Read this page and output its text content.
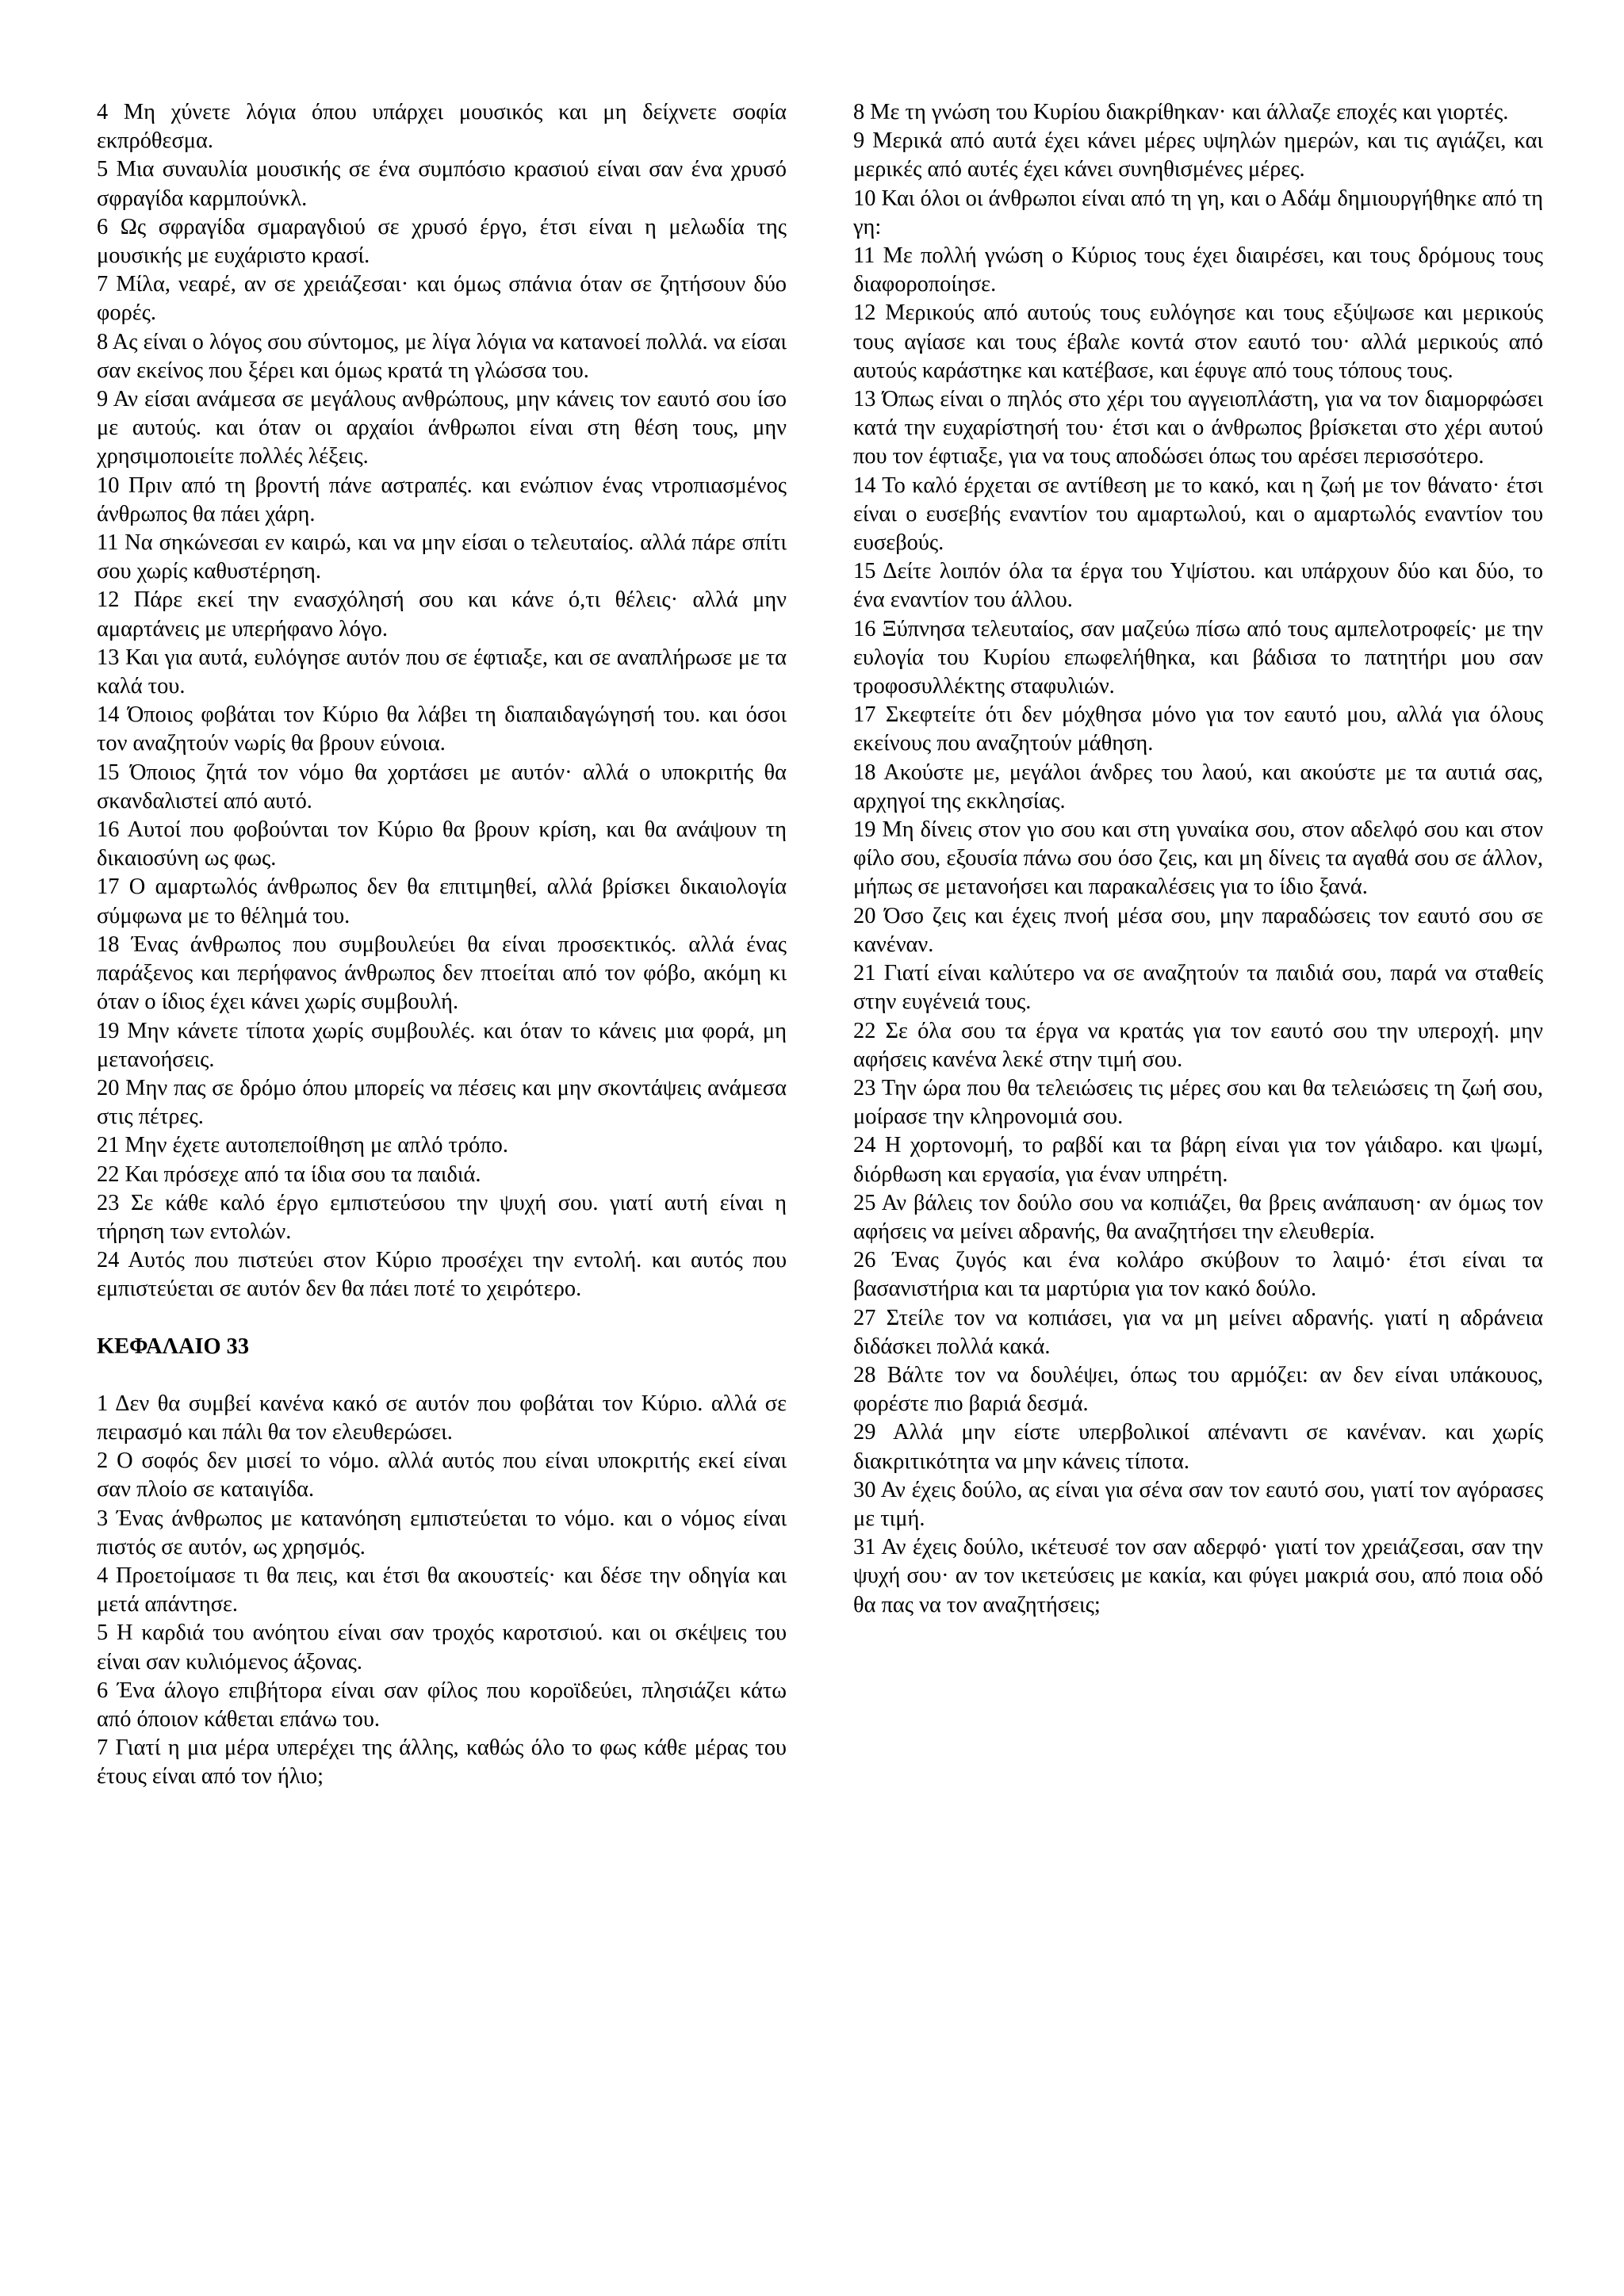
4 Μη χύνετε λόγια όπου υπάρχει μουσικός και μη δείχνετε σοφία εκπρόθεσμα.

5 Μια συναυλία μουσικής σε ένα συμπόσιο κρασιού είναι σαν ένα χρυσό σφραγίδα καρμπούνκλ.

6 Ως σφραγίδα σμαραγδιού σε χρυσό έργο, έτσι είναι η μελωδία της μουσικής με ευχάριστο κρασί.

7 Μίλα, νεαρέ, αν σε χρειάζεσαι· και όμως σπάνια όταν σε ζητήσουν δύο φορές.

8 Ας είναι ο λόγος σου σύντομος, με λίγα λόγια να κατανοεί πολλά. να είσαι σαν εκείνος που ξέρει και όμως κρατά τη γλώσσα του.

9 Αν είσαι ανάμεσα σε μεγάλους ανθρώπους, μην κάνεις τον εαυτό σου ίσο με αυτούς. και όταν οι αρχαίοι άνθρωποι είναι στη θέση τους, μην χρησιμοποιείτε πολλές λέξεις.

10 Πριν από τη βροντή πάνε αστραπές. και ενώπιον ένας ντροπιασμένος άνθρωπος θα πάει χάρη.

11 Να σηκώνεσαι εν καιρώ, και να μην είσαι ο τελευταίος. αλλά πάρε σπίτι σου χωρίς καθυστέρηση.

12 Πάρε εκεί την ενασχόλησή σου και κάνε ό,τι θέλεις· αλλά μην αμαρτάνεις με υπερήφανο λόγο.

13 Και για αυτά, ευλόγησε αυτόν που σε έφτιαξε, και σε αναπλήρωσε με τα καλά του.

14 Όποιος φοβάται τον Κύριο θα λάβει τη διαπαιδαγώγησή του. και όσοι τον αναζητούν νωρίς θα βρουν εύνοια.

15 Όποιος ζητά τον νόμο θα χορτάσει με αυτόν· αλλά ο υποκριτής θα σκανδαλιστεί από αυτό.

16 Αυτοί που φοβούνται τον Κύριο θα βρουν κρίση, και θα ανάψουν τη δικαιοσύνη ως φως.

17 Ο αμαρτωλός άνθρωπος δεν θα επιτιμηθεί, αλλά βρίσκει δικαιολογία σύμφωνα με το θέλημά του.

18 Ένας άνθρωπος που συμβουλεύει θα είναι προσεκτικός. αλλά ένας παράξενος και περήφανος άνθρωπος δεν πτοείται από τον φόβο, ακόμη κι όταν ο ίδιος έχει κάνει χωρίς συμβουλή.

19 Μην κάνετε τίποτα χωρίς συμβουλές. και όταν το κάνεις μια φορά, μη μετανοήσεις.

20 Μην πας σε δρόμο όπου μπορείς να πέσεις και μην σκοντάψεις ανάμεσα στις πέτρες.

21 Μην έχετε αυτοπεποίθηση με απλό τρόπο.

22 Και πρόσεχε από τα ίδια σου τα παιδιά.

23 Σε κάθε καλό έργο εμπιστεύσου την ψυχή σου. γιατί αυτή είναι η τήρηση των εντολών.

24 Αυτός που πιστεύει στον Κύριο προσέχει την εντολή. και αυτός που εμπιστεύεται σε αυτόν δεν θα πάει ποτέ το χειρότερο.

ΚΕΦΑΛΑΙΟ 33

1 Δεν θα συμβεί κανένα κακό σε αυτόν που φοβάται τον Κύριο. αλλά σε πειρασμό και πάλι θα τον ελευθερώσει.

2 Ο σοφός δεν μισεί το νόμο. αλλά αυτός που είναι υποκριτής εκεί είναι σαν πλοίο σε καταιγίδα.

3 Ένας άνθρωπος με κατανόηση εμπιστεύεται το νόμο. και ο νόμος είναι πιστός σε αυτόν, ως χρησμός.

4 Προετοίμασε τι θα πεις, και έτσι θα ακουστείς· και δέσε την οδηγία και μετά απάντησε.

5 Η καρδιά του ανόητου είναι σαν τροχός καροτσιού. και οι σκέψεις του είναι σαν κυλιόμενος άξονας.

6 Ένα άλογο επιβήτορα είναι σαν φίλος που κοροϊδεύει, πλησιάζει κάτω από όποιον κάθεται επάνω του.

7 Γιατί η μια μέρα υπερέχει της άλλης, καθώς όλο το φως κάθε μέρας του έτους είναι από τον ήλιο;

8 Με τη γνώση του Κυρίου διακρίθηκαν· και άλλαζε εποχές και γιορτές.

9 Μερικά από αυτά έχει κάνει μέρες υψηλών ημερών, και τις αγιάζει, και μερικές από αυτές έχει κάνει συνηθισμένες μέρες.

10 Και όλοι οι άνθρωποι είναι από τη γη, και ο Αδάμ δημιουργήθηκε από τη γη:

11 Με πολλή γνώση ο Κύριος τους έχει διαιρέσει, και τους δρόμους τους διαφοροποίησε.

12 Μερικούς από αυτούς τους ευλόγησε και τους εξύψωσε και μερικούς τους αγίασε και τους έβαλε κοντά στον εαυτό του· αλλά μερικούς από αυτούς καράστηκε και κατέβασε, και έφυγε από τους τόπους τους.

13 Όπως είναι ο πηλός στο χέρι του αγγειοπλάστη, για να τον διαμορφώσει κατά την ευχαρίστησή του· έτσι και ο άνθρωπος βρίσκεται στο χέρι αυτού που τον έφτιαξε, για να τους αποδώσει όπως του αρέσει περισσότερο.

14 Το καλό έρχεται σε αντίθεση με το κακό, και η ζωή με τον θάνατο· έτσι είναι ο ευσεβής εναντίον του αμαρτωλού, και ο αμαρτωλός εναντίον του ευσεβούς.

15 Δείτε λοιπόν όλα τα έργα του Υψίστου. και υπάρχουν δύο και δύο, το ένα εναντίον του άλλου.

16 Ξύπνησα τελευταίος, σαν μαζεύω πίσω από τους αμπελοτροφείς· με την ευλογία του Κυρίου επωφελήθηκα, και βάδισα το πατητήρι μου σαν τροφοσυλλέκτης σταφυλιών.

17 Σκεφτείτε ότι δεν μόχθησα μόνο για τον εαυτό μου, αλλά για όλους εκείνους που αναζητούν μάθηση.

18 Ακούστε με, μεγάλοι άνδρες του λαού, και ακούστε με τα αυτιά σας, αρχηγοί της εκκλησίας.

19 Μη δίνεις στον γιο σου και στη γυναίκα σου, στον αδελφό σου και στον φίλο σου, εξουσία πάνω σου όσο ζεις, και μη δίνεις τα αγαθά σου σε άλλον, μήπως σε μετανοήσει και παρακαλέσεις για το ίδιο ξανά.

20 Όσο ζεις και έχεις πνοή μέσα σου, μην παραδώσεις τον εαυτό σου σε κανέναν.

21 Γιατί είναι καλύτερο να σε αναζητούν τα παιδιά σου, παρά να σταθείς στην ευγένειά τους.

22 Σε όλα σου τα έργα να κρατάς για τον εαυτό σου την υπεροχή. μην αφήσεις κανένα λεκέ στην τιμή σου.

23 Την ώρα που θα τελειώσεις τις μέρες σου και θα τελειώσεις τη ζωή σου, μοίρασε την κληρονομιά σου.

24 Η χορτονομή, το ραβδί και τα βάρη είναι για τον γάιδαρο. και ψωμί, διόρθωση και εργασία, για έναν υπηρέτη.

25 Αν βάλεις τον δούλο σου να κοπιάζει, θα βρεις ανάπαυση· αν όμως τον αφήσεις να μείνει αδρανής, θα αναζητήσει την ελευθερία.

26 Ένας ζυγός και ένα κολάρο σκύβουν το λαιμό· έτσι είναι τα βασανιστήρια και τα μαρτύρια για τον κακό δούλο.

27 Στείλε τον να κοπιάσει, για να μη μείνει αδρανής. γιατί η αδράνεια διδάσκει πολλά κακά.

28 Βάλτε τον να δουλέψει, όπως του αρμόζει: αν δεν είναι υπάκουος, φορέστε πιο βαριά δεσμά.

29 Αλλά μην είστε υπερβολικοί απέναντι σε κανέναν. και χωρίς διακριτικότητα να μην κάνεις τίποτα.

30 Αν έχεις δούλο, ας είναι για σένα σαν τον εαυτό σου, γιατί τον αγόρασες με τιμή.

31 Αν έχεις δούλο, ικέτευσέ τον σαν αδερφό· γιατί τον χρειάζεσαι, σαν την ψυχή σου· αν τον ικετεύσεις με κακία, και φύγει μακριά σου, από ποια οδό θα πας να τον αναζητήσεις;
